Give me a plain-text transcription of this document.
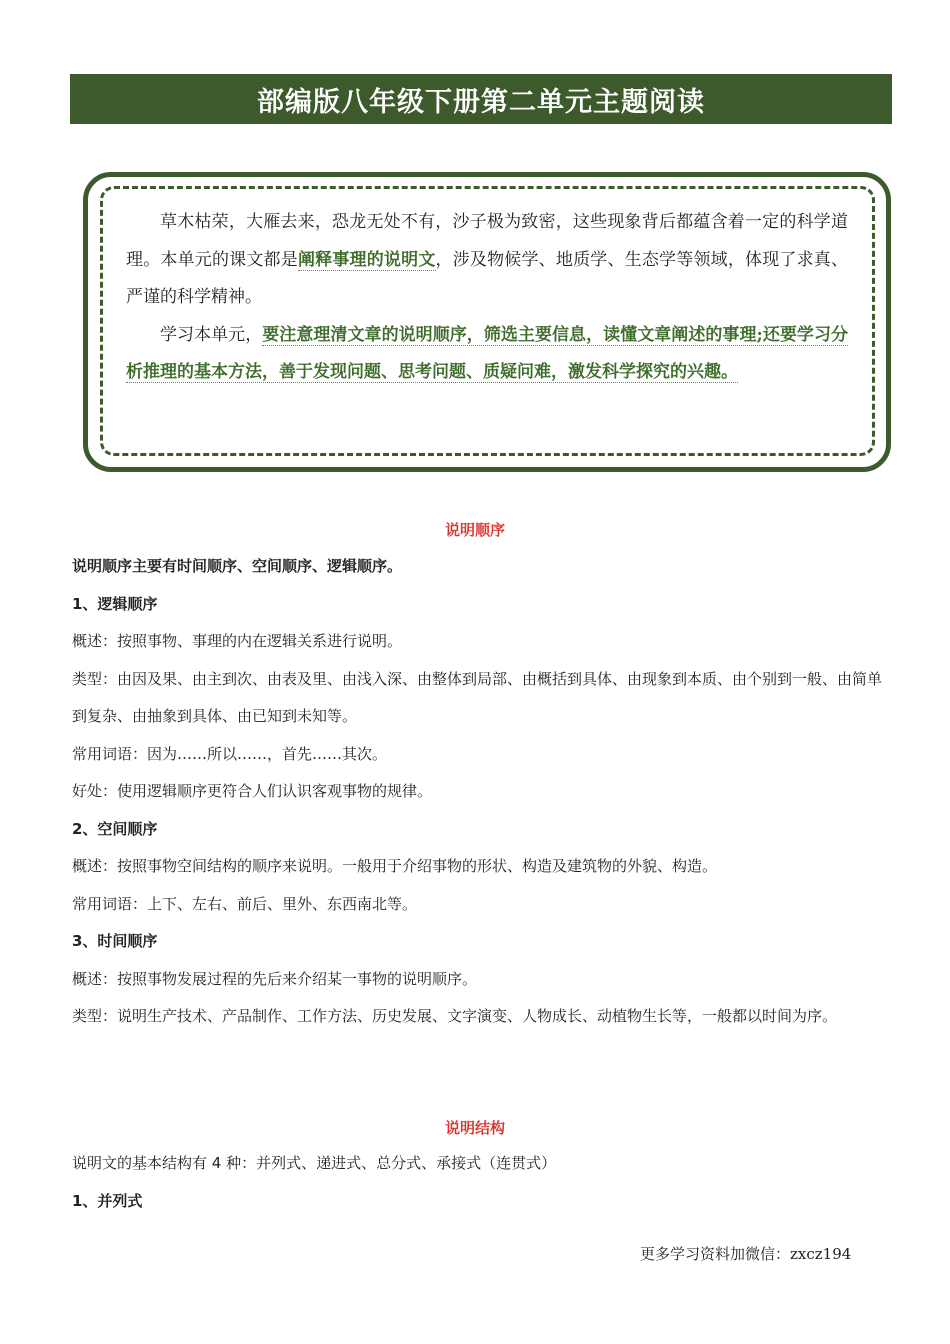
部编版八年级下册第二单元主题阅读

草木枯荣，大雁去来，恐龙无处不有，沙子极为致密，这些现象背后都蕴含着一定的科学道理。本单元的课文都是阐释事理的说明文，涉及物候学、地质学、生态学等领域，体现了求真、严谨的科学精神。

学习本单元，要注意理清文章的说明顺序，筛选主要信息，读懂文章阐述的事理;还要学习分析推理的基本方法，善于发现问题、思考问题、质疑问难，激发科学探究的兴趣。

说明顺序

说明顺序主要有时间顺序、空间顺序、逻辑顺序。

1、逻辑顺序

概述：按照事物、事理的内在逻辑关系进行说明。

类型：由因及果、由主到次、由表及里、由浅入深、由整体到局部、由概括到具体、由现象到本质、由个别到一般、由简单到复杂、由抽象到具体、由已知到未知等。

常用词语：因为……所以……，首先……其次。

好处：使用逻辑顺序更符合人们认识客观事物的规律。

2、空间顺序

概述：按照事物空间结构的顺序来说明。一般用于介绍事物的形状、构造及建筑物的外貌、构造。

常用词语：上下、左右、前后、里外、东西南北等。

3、时间顺序

概述：按照事物发展过程的先后来介绍某一事物的说明顺序。

类型：说明生产技术、产品制作、工作方法、历史发展、文字演变、人物成长、动植物生长等，一般都以时间为序。

说明结构

说明文的基本结构有 4 种：并列式、递进式、总分式、承接式（连贯式）

1、并列式

更多学习资料加微信：zxcz194
